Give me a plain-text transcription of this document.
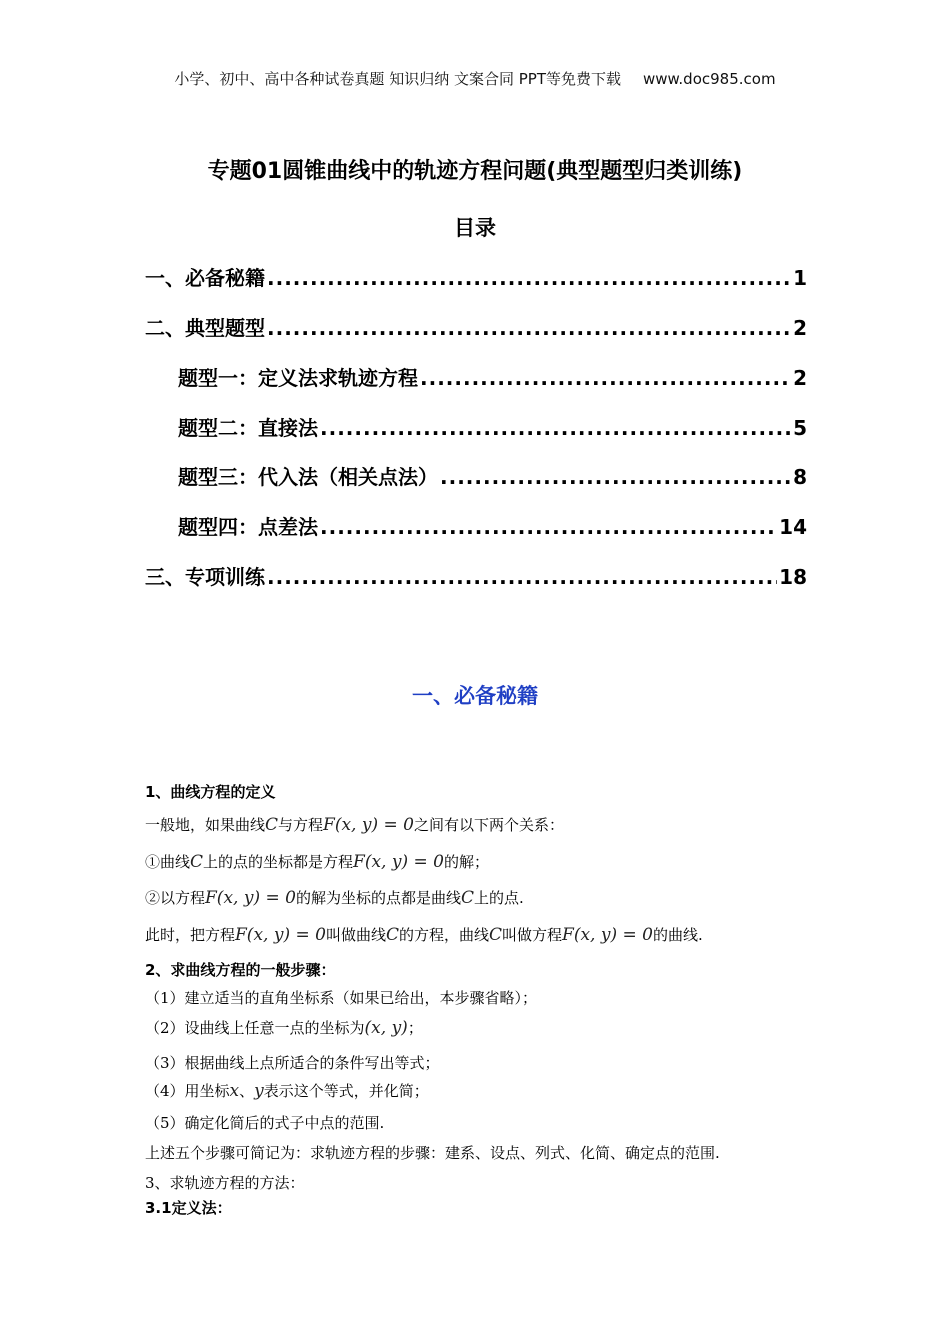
小学、初中、高中各种试卷真题 知识归纳 文案合同 PPT等免费下载 www.doc985.com
专题01圆锥曲线中的轨迹方程问题(典型题型归类训练)
目录
一、必备秘籍 .....	1
二、典型题型 .....	2
题型一：定义法求轨迹方程 .....	2
题型二：直接法 .....	5
题型三：代入法（相关点法） .....	8
题型四：点差法 .....	14
三、专项训练 .....	18
一、必备秘籍
1、曲线方程的定义
一般地，如果曲线C与方程F(x, y) = 0之间有以下两个关系：
①曲线C上的点的坐标都是方程F(x, y) = 0的解；
②以方程F(x, y) = 0的解为坐标的点都是曲线C上的点.
此时，把方程F(x, y) = 0叫做曲线C的方程，曲线C叫做方程F(x, y) = 0的曲线.
2、求曲线方程的一般步骤：
（1）建立适当的直角坐标系（如果已给出，本步骤省略）；
（2）设曲线上任意一点的坐标为(x, y)；
（3）根据曲线上点所适合的条件写出等式；
（4）用坐标x、y表示这个等式，并化简；
（5）确定化简后的式子中点的范围.
上述五个步骤可简记为：求轨迹方程的步骤：建系、设点、列式、化简、确定点的范围.
3、求轨迹方程的方法：
3.1定义法：
